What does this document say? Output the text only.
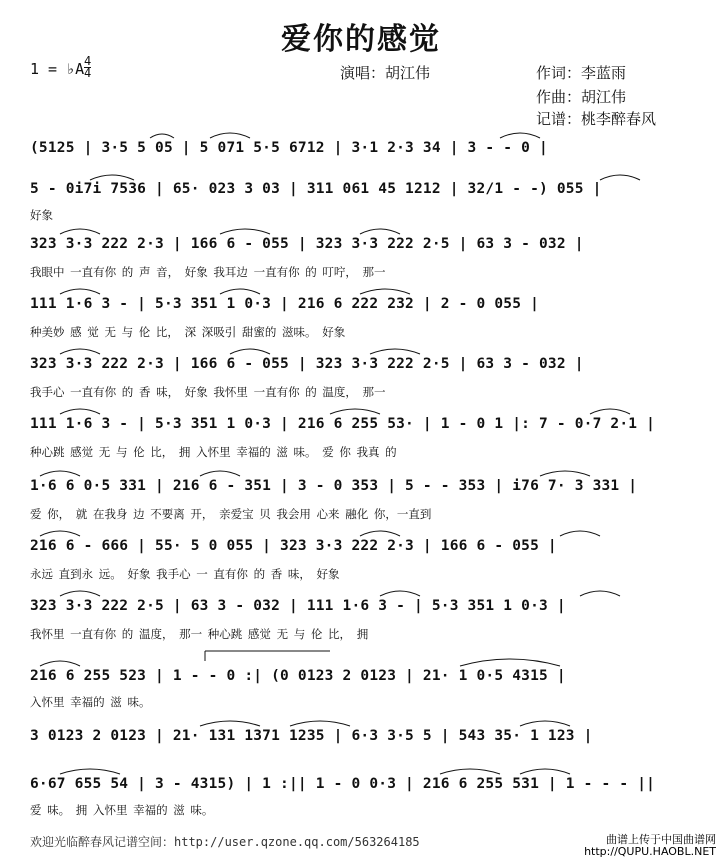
爱你的感觉
1 = ♭A 4
4	演唱：胡江伟	作词：李蓝雨
作曲：胡江伟
记谱：桃李醉春风
(5125 | 3·5 5 05 | 5 071 5·5 6712 | 3·1 2·3 34 | 3 - - 0 |
5 - 0i7i 7536 | 65· 023 3 03 | 311 061 45 1212 | 32/1 - -) 055 |
好象
323 3·3 222 2·3 | 166 6 - 055 | 323 3·3 222 2·5 | 63 3 - 032 |
我眼中 一直有你 的 声 音， 好象 我耳边 一直有你 的 叮咛， 那一
111 1·6 3 - | 5·3 351 1 0·3 | 216 6 222 232 | 2 - 0 055 |
种美妙 感 觉 无 与 伦 比， 深 深吸引 甜蜜的 滋味。 好象
323 3·3 222 2·3 | 166 6 - 055 | 323 3·3 222 2·5 | 63 3 - 032 |
我手心 一直有你 的 香 味， 好象 我怀里 一直有你 的 温度， 那一
111 1·6 3 - | 5·3 351 1 0·3 | 216 6 255 53· | 1 - 0 1 |: 7 - 0·7 2·1 |
种心跳 感觉 无 与 伦 比， 拥 入怀里 幸福的 滋 味。 爱 你 我真 的
1·6 6 0·5 331 | 216 6 - 351 | 3 - 0 353 | 5 - - 353 | i76 7· 3 331 |
爱 你， 就 在我身 边 不要离 开， 亲爱宝 贝 我会用 心来 融化 你，一直到
216 6 - 666 | 55· 5 0 055 | 323 3·3 222 2·3 | 166 6 - 055 |
永远 直到永 远。 好象 我手心 一 直有你 的 香 味， 好象
323 3·3 222 2·5 | 63 3 - 032 | 111 1·6 3 - | 5·3 351 1 0·3 |
我怀里 一直有你 的 温度， 那一 种心跳 感觉 无 与 伦 比， 拥
216 6 255 523 | 1 - - 0 :| (0 0123 2 0123 | 21· 1 0·5 4315 |
入怀里 幸福的 滋 味。
3 0123 2 0123 | 21· 131 1371 1235 | 6·3 3·5 5 | 543 35· 1 123 |
6·67 655 54 | 3 - 4315) | 1 :|| 1 - 0 0·3 | 216 6 255 531 | 1 - - - ||
爱 味。 拥 入怀里 幸福的 滋 味。
欢迎光临醉春风记谱空间：http://user.qzone.qq.com/563264185	曲谱上传于中国曲谱网
http://QUPU.HAOBL.NET
